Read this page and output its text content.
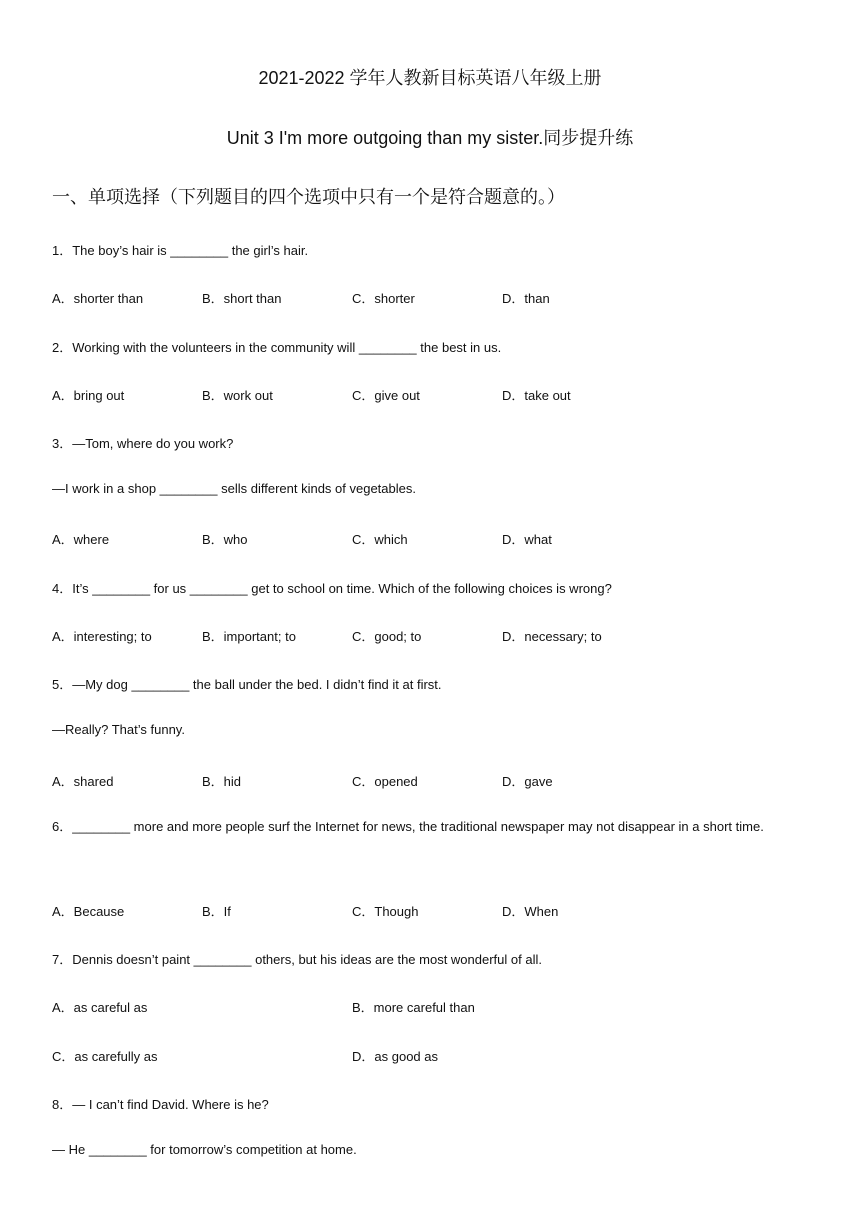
2021-2022 学年人教新目标英语八年级上册
Unit 3 I'm more outgoing than my sister.同步提升练
一、单项选择（下列题目的四个选项中只有一个是符合题意的。）
1．The boy’s hair is ________ the girl’s hair.
A．shorter than	B．short than	C．shorter	D．than
2．Working with the volunteers in the community will ________ the best in us.
A．bring out	B．work out	C．give out	D．take out
3．—Tom, where do you work?
—I work in a shop ________ sells different kinds of vegetables.
A．where	B．who	C．which	D．what
4．It’s ________ for us ________ get to school on time. Which of the following choices is wrong?
A．interesting; to	B．important; to	C．good; to	D．necessary; to
5．—My dog ________ the ball under the bed. I didn’t find it at first.
—Really? That’s funny.
A．shared	B．hid	C．opened	D．gave
6．________ more and more people surf the Internet for news, the traditional newspaper may not disappear in a short time.
A．Because	B．If	C．Though	D．When
7．Dennis doesn’t paint ________ others, but his ideas are the most wonderful of all.
A．as careful as	B．more careful than
C．as carefully as	D．as good as
8．— I can’t find David. Where is he?
— He ________ for tomorrow’s competition at home.
